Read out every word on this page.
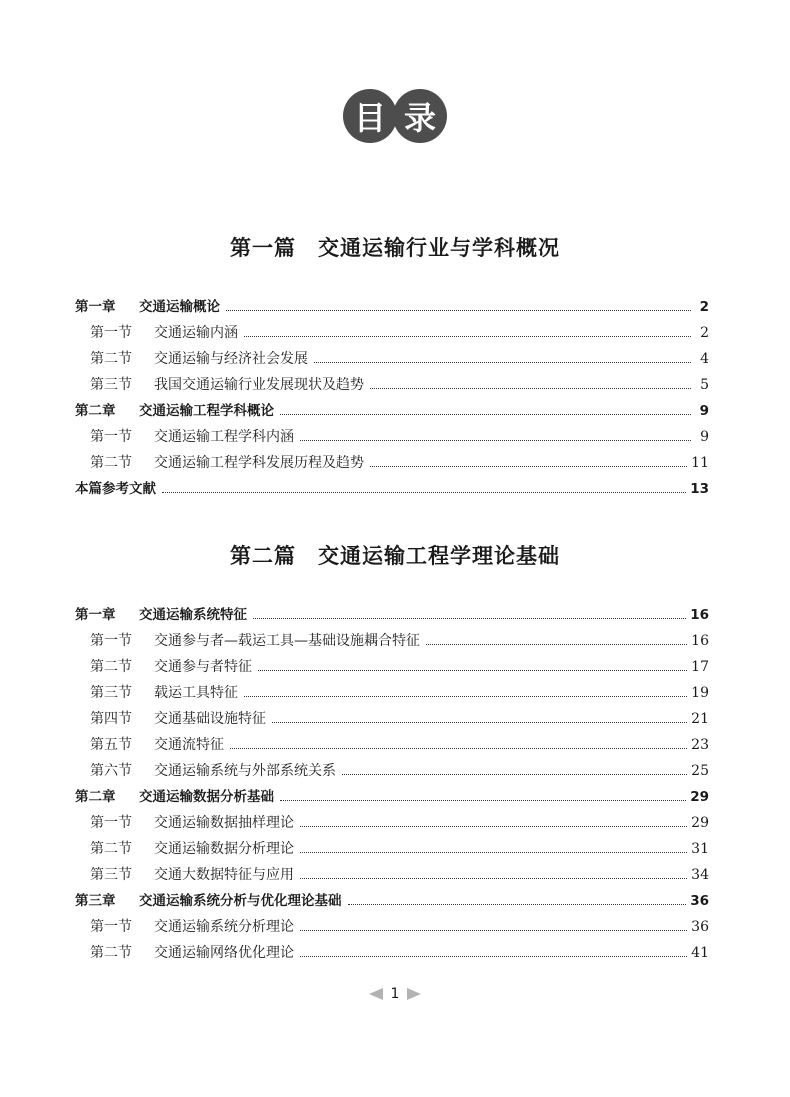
目 录
第一篇 交通运输行业与学科概况
第一章	交通运输概论	2
第一节	交通运输内涵	2
第二节	交通运输与经济社会发展	4
第三节	我国交通运输行业发展现状及趋势	5
第二章	交通运输工程学科概论	9
第一节	交通运输工程学科内涵	9
第二节	交通运输工程学科发展历程及趋势	11
本篇参考文献	13
第二篇 交通运输工程学理论基础
第一章	交通运输系统特征	16
第一节	交通参与者—载运工具—基础设施耦合特征	16
第二节	交通参与者特征	17
第三节	载运工具特征	19
第四节	交通基础设施特征	21
第五节	交通流特征	23
第六节	交通运输系统与外部系统关系	25
第二章	交通运输数据分析基础	29
第一节	交通运输数据抽样理论	29
第二节	交通运输数据分析理论	31
第三节	交通大数据特征与应用	34
第三章	交通运输系统分析与优化理论基础	36
第一节	交通运输系统分析理论	36
第二节	交通运输网络优化理论	41
1
